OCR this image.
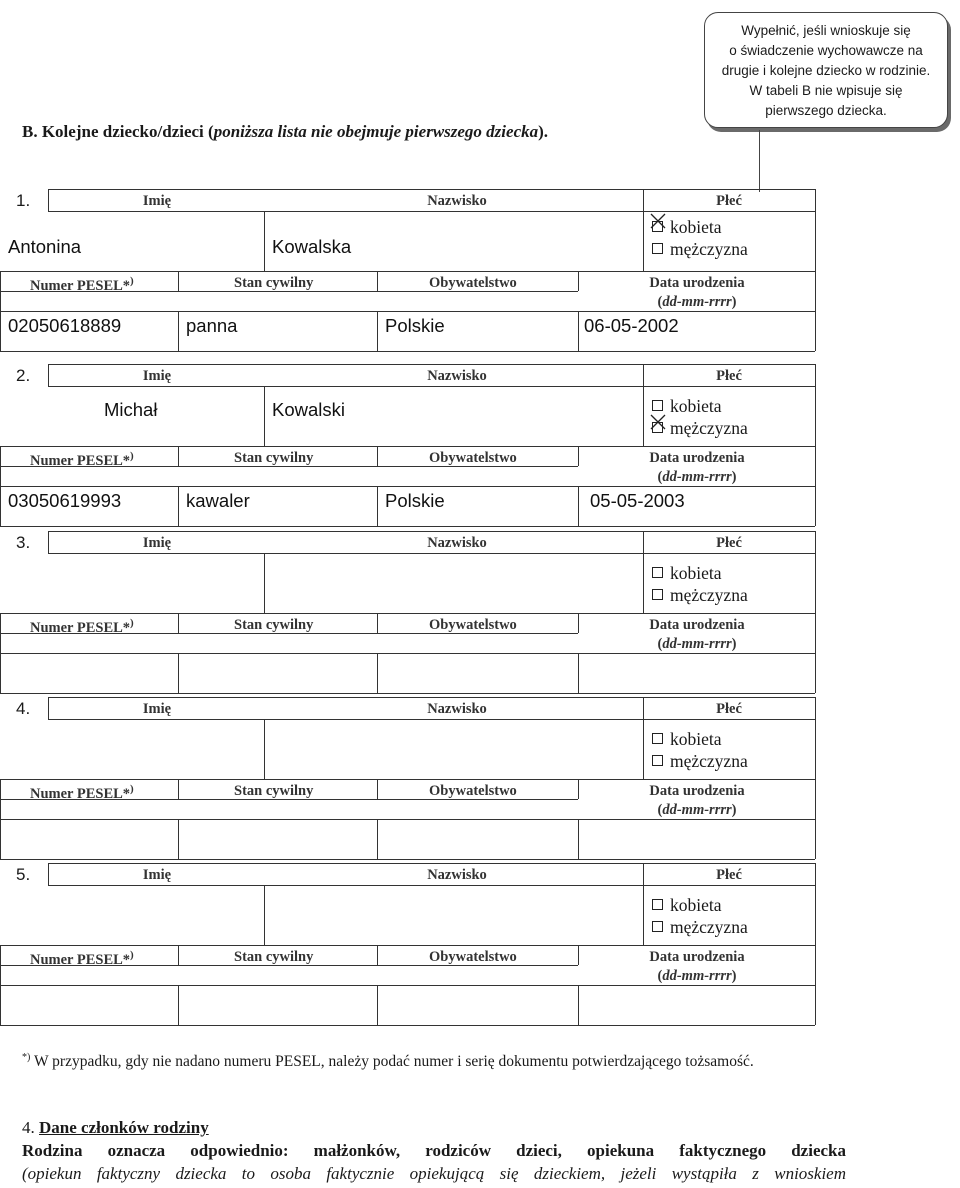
B. Kolejne dziecko/dzieci (poniższa lista nie obejmuje pierwszego dziecka).
Wypełnić, jeśli wnioskuje się
o świadczenie wychowawcze na
drugie i kolejne dziecko w rodzinie.
W tabeli B nie wpisuje się
pierwszego dziecka.
1.	Imię	Nazwisko	Płeć
Antonina	Kowalska
kobieta
mężczyzna
Numer PESEL*)	Stan cywilny	Obywatelstwo	Data urodzenia
(dd-mm-rrrr)
02050618889	panna	Polskie	06-05-2002
2.	Imię	Nazwisko	Płeć
Michał	Kowalski	kobieta
mężczyzna
Numer PESEL*)	Stan cywilny	Obywatelstwo	Data urodzenia
(dd-mm-rrrr)
03050619993	kawaler	Polskie	05-05-2003
3.	Imię	Nazwisko	Płeć
kobieta
mężczyzna
Numer PESEL*)	Stan cywilny	Obywatelstwo	Data urodzenia
(dd-mm-rrrr)
4.	Imię	Nazwisko	Płeć
kobieta
mężczyzna
Numer PESEL*)	Stan cywilny	Obywatelstwo	Data urodzenia
(dd-mm-rrrr)
5.	Imię	Nazwisko	Płeć
kobieta
mężczyzna
Numer PESEL*)	Stan cywilny	Obywatelstwo	Data urodzenia
(dd-mm-rrrr)
*) W przypadku, gdy nie nadano numeru PESEL, należy podać numer i serię dokumentu potwierdzającego tożsamość.
4. Dane członków rodziny
Rodzina oznacza odpowiednio: małżonków, rodziców dzieci, opiekuna faktycznego dziecka
(opiekun faktyczny dziecka to osoba faktycznie opiekującą się dzieckiem, jeżeli wystąpiła z wnioskiem
